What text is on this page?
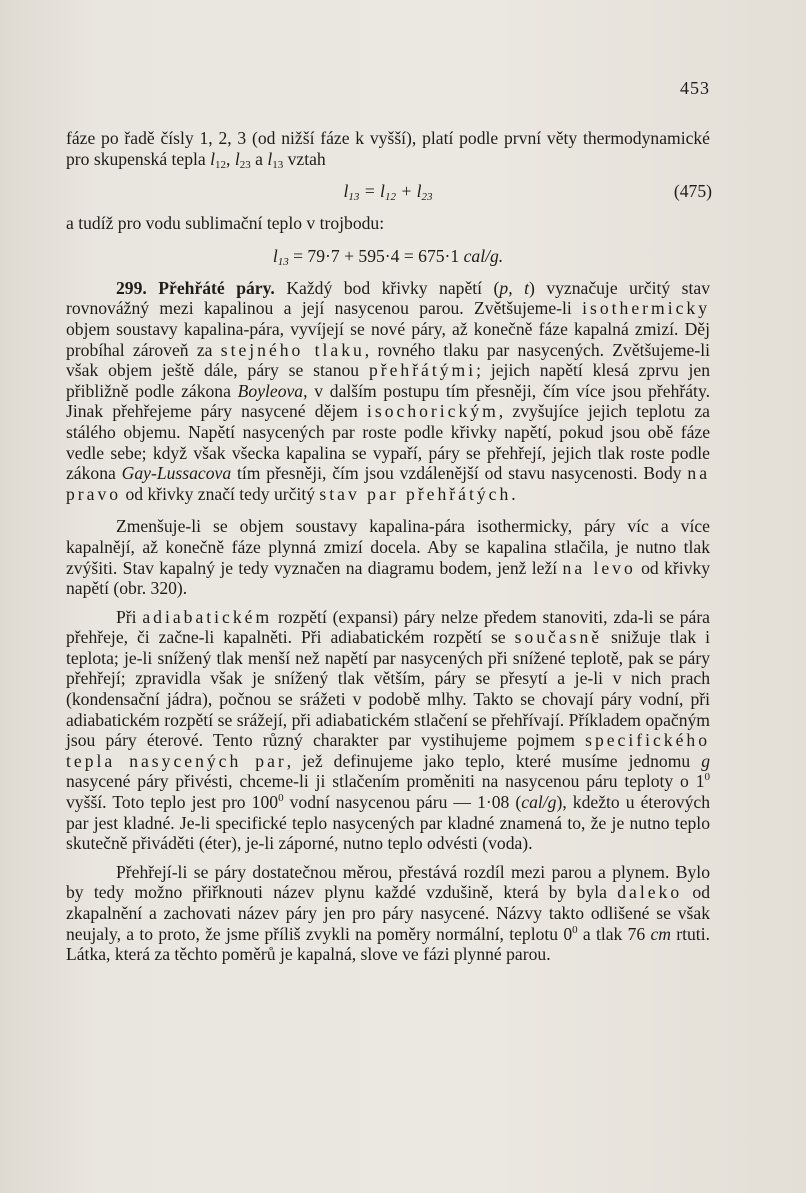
453

fáze po řadě čísly 1, 2, 3 (od nižší fáze k vyšší), platí podle první věty thermodynamické pro skupenská tepla $l_{12}$, $l_{23}$ a $l_{13}$ vztah

$l_{13} = l_{12} + l_{23}$	(475)

a tudíž pro vodu sublimační teplo v trojbodu:

$l_{13} = 79\cdot 7 + 595\cdot 4 = 675\cdot 1$ cal/g.

299. Přehřáté páry. Každý bod křivky napětí (p, t) vyznačuje určitý stav rovnovážný mezi kapalinou a její nasycenou parou. Zvětšujeme-li isothermicky objem soustavy kapalina-pára, vyvíjejí se nové páry, až konečně fáze kapalná zmizí. Děj probíhal zároveň za stejného tlaku, rovného tlaku par nasycených. Zvětšujeme-li však objem ještě dále, páry se stanou přehřátými; jejich napětí klesá zprvu jen přibližně podle zákona Boyleova, v dalším postupu tím přesněji, čím více jsou přehřáty. Jinak přehřejeme páry nasycené dějem isochorickým, zvyšujíce jejich teplotu za stálého objemu. Napětí nasycených par roste podle křivky napětí, pokud jsou obě fáze vedle sebe; když však všecka kapalina se vypaří, páry se přehřejí, jejich tlak roste podle zákona Gay-Lussacova tím přesněji, čím jsou vzdálenější od stavu nasycenosti. Body na pravo od křivky značí tedy určitý stav par přehřátých.

Zmenšuje-li se objem soustavy kapalina-pára isothermicky, páry víc a více kapalnějí, až konečně fáze plynná zmizí docela. Aby se kapalina stlačila, je nutno tlak zvýšiti. Stav kapalný je tedy vyznačen na diagramu bodem, jenž leží na levo od křivky napětí (obr. 320).

Při adiabatickém rozpětí (expansi) páry nelze předem stanoviti, zda-li se pára přehřeje, či začne-li kapalněti. Při adiabatickém rozpětí se současně snižuje tlak i teplota; je-li snížený tlak menší než napětí par nasycených při snížené teplotě, pak se páry přehřejí; zpravidla však je snížený tlak větším, páry se přesytí a je-li v nich prach (kondensační jádra), počnou se srážeti v podobě mlhy. Takto se chovají páry vodní, při adiabatickém rozpětí se srážejí, při adiabatickém stlačení se přehřívají. Příkladem opačným jsou páry éterové. Tento různý charakter par vystihujeme pojmem specifického tepla nasycených par, jež definujeme jako teplo, které musíme jednomu g nasycené páry přivésti, chceme-li ji stlačením proměniti na nasycenou páru teploty o $1^0$ vyšší. Toto teplo jest pro $100^0$ vodní nasycenou páru — 1·08 (cal/g), kdežto u éterových par jest kladné. Je-li specifické teplo nasycených par kladné znamená to, že je nutno teplo skutečně přiváděti (éter), je-li záporné, nutno teplo odvésti (voda).

Přehřejí-li se páry dostatečnou měrou, přestává rozdíl mezi parou a plynem. Bylo by tedy možno přiřknouti název plynu každé vzdušině, která by byla daleko od zkapalnění a zachovati název páry jen pro páry nasycené. Názvy takto odlišené se však neujaly, a to proto, že jsme příliš zvykli na poměry normální, teplotu $0^0$ a tlak 76 cm rtuti. Látka, která za těchto poměrů je kapalná, slove ve fázi plynné parou.
